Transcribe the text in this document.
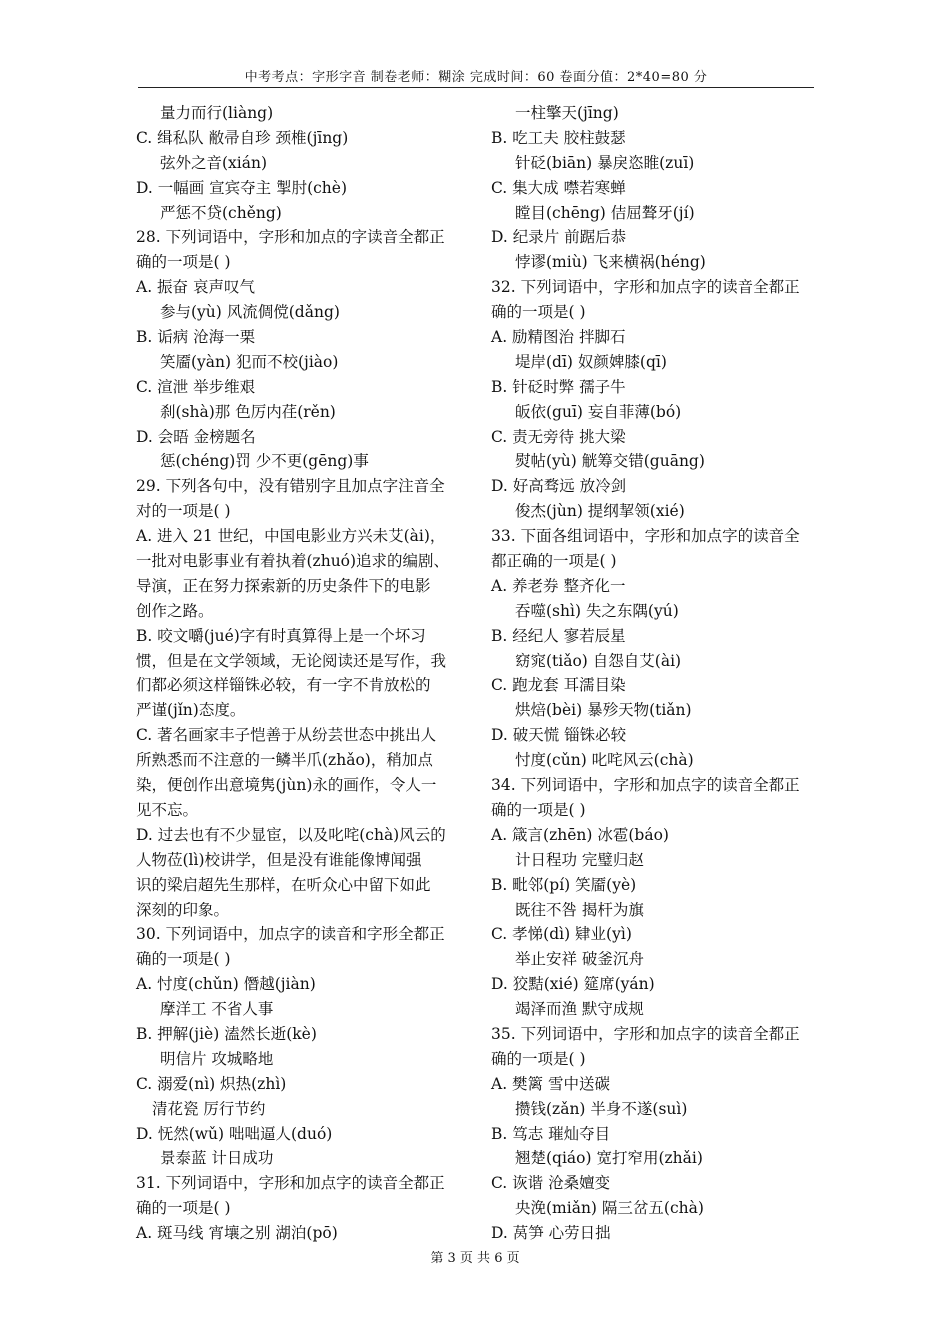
中考考点：字形字音 制卷老师：糊涂 完成时间：60 卷面分值：2*40=80 分
量力而行(liàng)
C. 缉私队 敝帚自珍 颈椎(jīng)
弦外之音(xián)
D. 一幅画 宣宾夺主 掣肘(chè)
严惩不贷(chěng)
28. 下列词语中，字形和加点的字读音全都正
确的一项是( )
A. 振奋 哀声叹气
参与(yù) 风流倜傥(dǎng)
B. 诟病 沧海一栗
笑靥(yàn) 犯而不校(jiào)
C. 渲泄 举步维艰
刹(shà)那 色厉内荏(rěn)
D. 会晤 金榜题名
惩(chéng)罚 少不更(gēng)事
29. 下列各句中，没有错别字且加点字注音全
对的一项是( )
A. 进入 21 世纪，中国电影业方兴未艾(ài)，
一批对电影事业有着执着(zhuó)追求的编剧、
导演，正在努力探索新的历史条件下的电影
创作之路。
B. 咬文嚼(jué)字有时真算得上是一个坏习
惯，但是在文学领域，无论阅读还是写作，我
们都必须这样锱铢必较，有一字不肯放松的
严谨(jǐn)态度。
C. 著名画家丰子恺善于从纷芸世态中挑出人
所熟悉而不注意的一鳞半爪(zhǎo)，稍加点
染，便创作出意境隽(jùn)永的画作，令人一
见不忘。
D. 过去也有不少显宦，以及叱咤(chà)风云的
人物莅(lì)校讲学，但是没有谁能像博闻强
识的梁启超先生那样，在听众心中留下如此
深刻的印象。
30. 下列词语中，加点字的读音和字形全都正
确的一项是( )
A. 忖度(chǔn) 僭越(jiàn)
摩洋工 不省人事
B. 押解(jiè) 溘然长逝(kè)
明信片 攻城略地
C. 溺爱(nì) 炽热(zhì)
清花瓷 厉行节约
D. 怃然(wǔ) 咄咄逼人(duó)
景泰蓝 计日成功
31. 下列词语中，字形和加点字的读音全都正
确的一项是( )
A. 斑马线 宵壤之别 湖泊(pō)
一柱擎天(jīng)
B. 吃工夫 胶柱鼓瑟
针砭(biān) 暴戾恣睢(zuī)
C. 集大成 噤若寒蝉
瞠目(chēng) 佶屈聱牙(jí)
D. 纪录片 前踞后恭
悖谬(miù) 飞来横祸(héng)
32. 下列词语中，字形和加点字的读音全都正
确的一项是( )
A. 励精图治 拌脚石
堤岸(dī) 奴颜婢膝(qī)
B. 针砭时弊 孺子牛
皈依(guī) 妄自菲薄(bó)
C. 责无旁待 挑大梁
熨帖(yù) 觥筹交错(guāng)
D. 好高骛远 放冷剑
俊杰(jùn) 提纲挈领(xié)
33. 下面各组词语中，字形和加点字的读音全
都正确的一项是( )
A. 养老券 整齐化一
吞噬(shì) 失之东隅(yú)
B. 经纪人 寥若辰星
窈窕(tiǎo) 自怨自艾(ài)
C. 跑龙套 耳濡目染
烘焙(bèi) 暴殄天物(tiǎn)
D. 破天慌 锱铢必较
忖度(cǔn) 叱咤风云(chà)
34. 下列词语中，字形和加点字的读音全都正
确的一项是( )
A. 箴言(zhēn) 冰雹(báo)
计日程功 完璧归赵
B. 毗邻(pí) 笑靥(yè)
既往不咎 揭杆为旗
C. 孝悌(dì) 肄业(yì)
举止安祥 破釜沉舟
D. 狡黠(xié) 筵席(yán)
竭泽而渔 默守成规
35. 下列词语中，字形和加点字的读音全都正
确的一项是( )
A. 樊篱 雪中送碳
攒钱(zǎn) 半身不遂(suì)
B. 笃志 璀灿夺目
翘楚(qiáo) 宽打窄用(zhǎi)
C. 诙谐 沧桑嬗变
央浼(miǎn) 隔三岔五(chà)
D. 莴笋 心劳日拙
第 3 页 共 6 页
